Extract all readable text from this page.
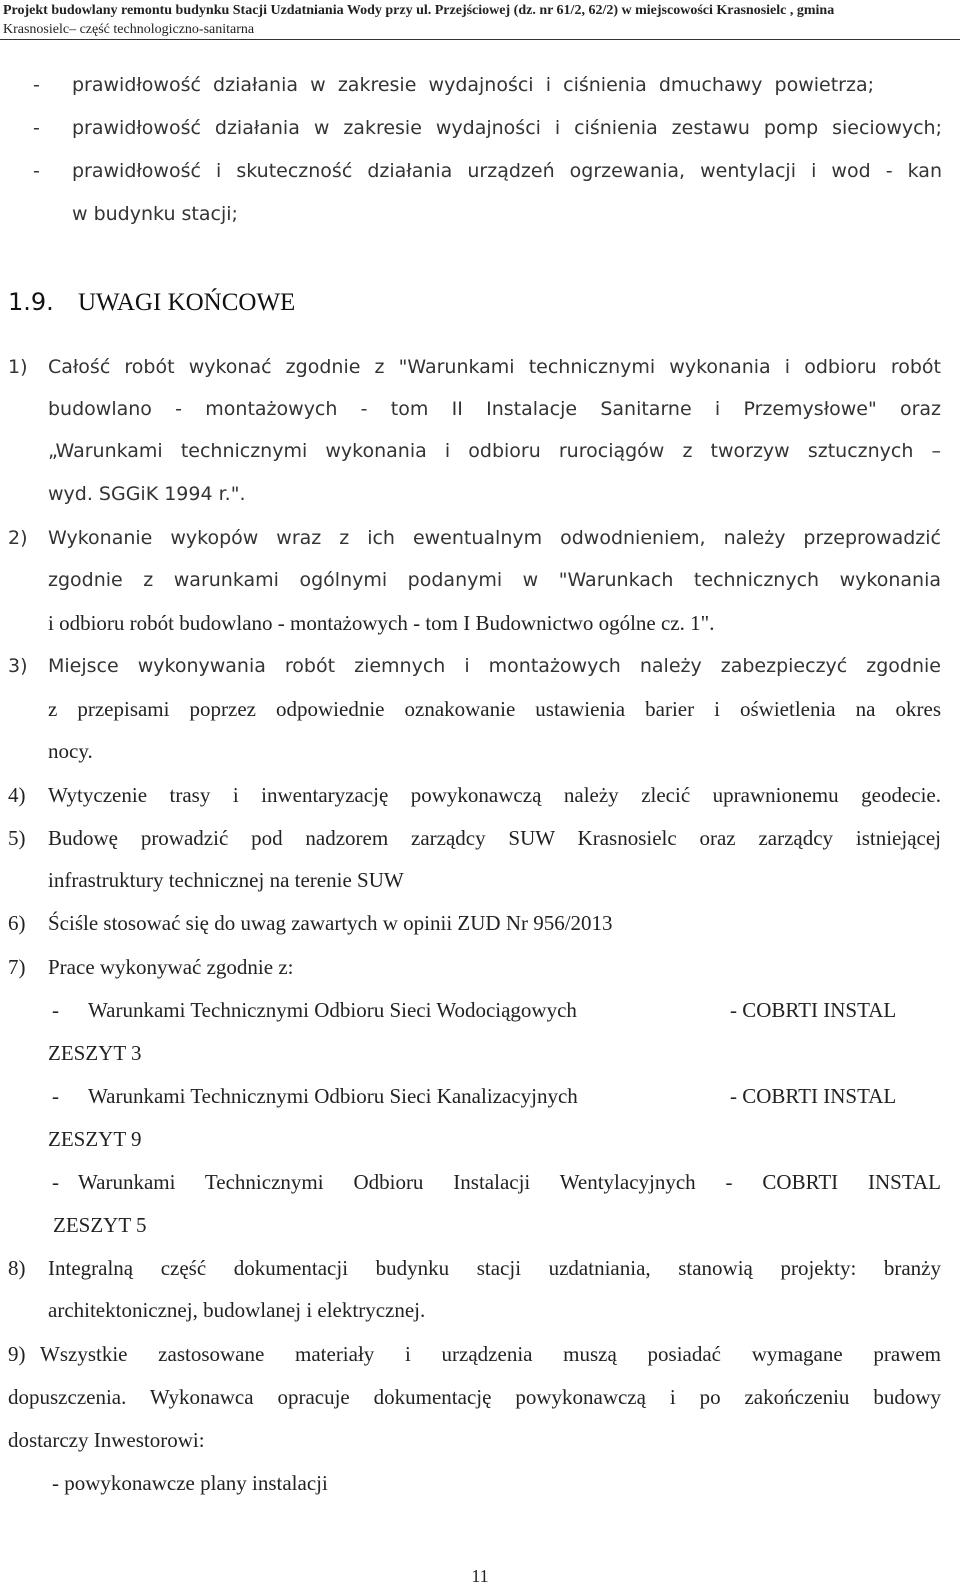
Projekt budowlany remontu budynku Stacji Uzdatniania Wody przy ul. Przejściowej (dz. nr 61/2, 62/2) w miejscowości Krasnosielc , gmina
Krasnosielc– część technologiczno-sanitarna
- prawidłowość działania w zakresie wydajności i ciśnienia dmuchawy powietrza;
- prawidłowość działania w zakresie wydajności i ciśnienia zestawu pomp sieciowych;
- prawidłowość i skuteczność działania urządzeń ogrzewania, wentylacji i wod - kan
w budynku stacji;
1.9. UWAGI KOŃCOWE
1) Całość robót wykonać zgodnie z "Warunkami technicznymi wykonania i odbioru robót
budowlano - montażowych - tom II Instalacje Sanitarne i Przemysłowe" oraz
„Warunkami technicznymi wykonania i odbioru rurociągów z tworzyw sztucznych –
wyd. SGGiK 1994 r.".
2) Wykonanie wykopów wraz z ich ewentualnym odwodnieniem, należy przeprowadzić
zgodnie z warunkami ogólnymi podanymi w "Warunkach technicznych wykonania
i odbioru robót budowlano - montażowych - tom I Budownictwo ogólne cz. 1".
3) Miejsce wykonywania robót ziemnych i montażowych należy zabezpieczyć zgodnie
z przepisami poprzez odpowiednie oznakowanie ustawienia barier i oświetlenia na okres
nocy.
4) Wytyczenie trasy i inwentaryzację powykonawczą należy zlecić uprawnionemu geodecie.
5) Budowę prowadzić pod nadzorem zarządcy SUW Krasnosielc oraz zarządcy istniejącej
infrastruktury technicznej na terenie SUW
6) Ściśle stosować się do uwag zawartych w opinii ZUD Nr 956/2013
7) Prace wykonywać zgodnie z:
- Warunkami Technicznymi Odbioru Sieci Wodociągowych	- COBRTI INSTAL
ZESZYT 3
- Warunkami Technicznymi Odbioru Sieci Kanalizacyjnych	- COBRTI INSTAL
ZESZYT 9
- Warunkami Technicznymi Odbioru Instalacji Wentylacyjnych - COBRTI INSTAL
ZESZYT 5
8) Integralną część dokumentacji budynku stacji uzdatniania, stanowią projekty: branży
architektonicznej, budowlanej i elektrycznej.
9) Wszystkie zastosowane materiały i urządzenia muszą posiadać wymagane prawem
dopuszczenia. Wykonawca opracuje dokumentację powykonawczą i po zakończeniu budowy
dostarczy Inwestorowi:
- powykonawcze plany instalacji
11
